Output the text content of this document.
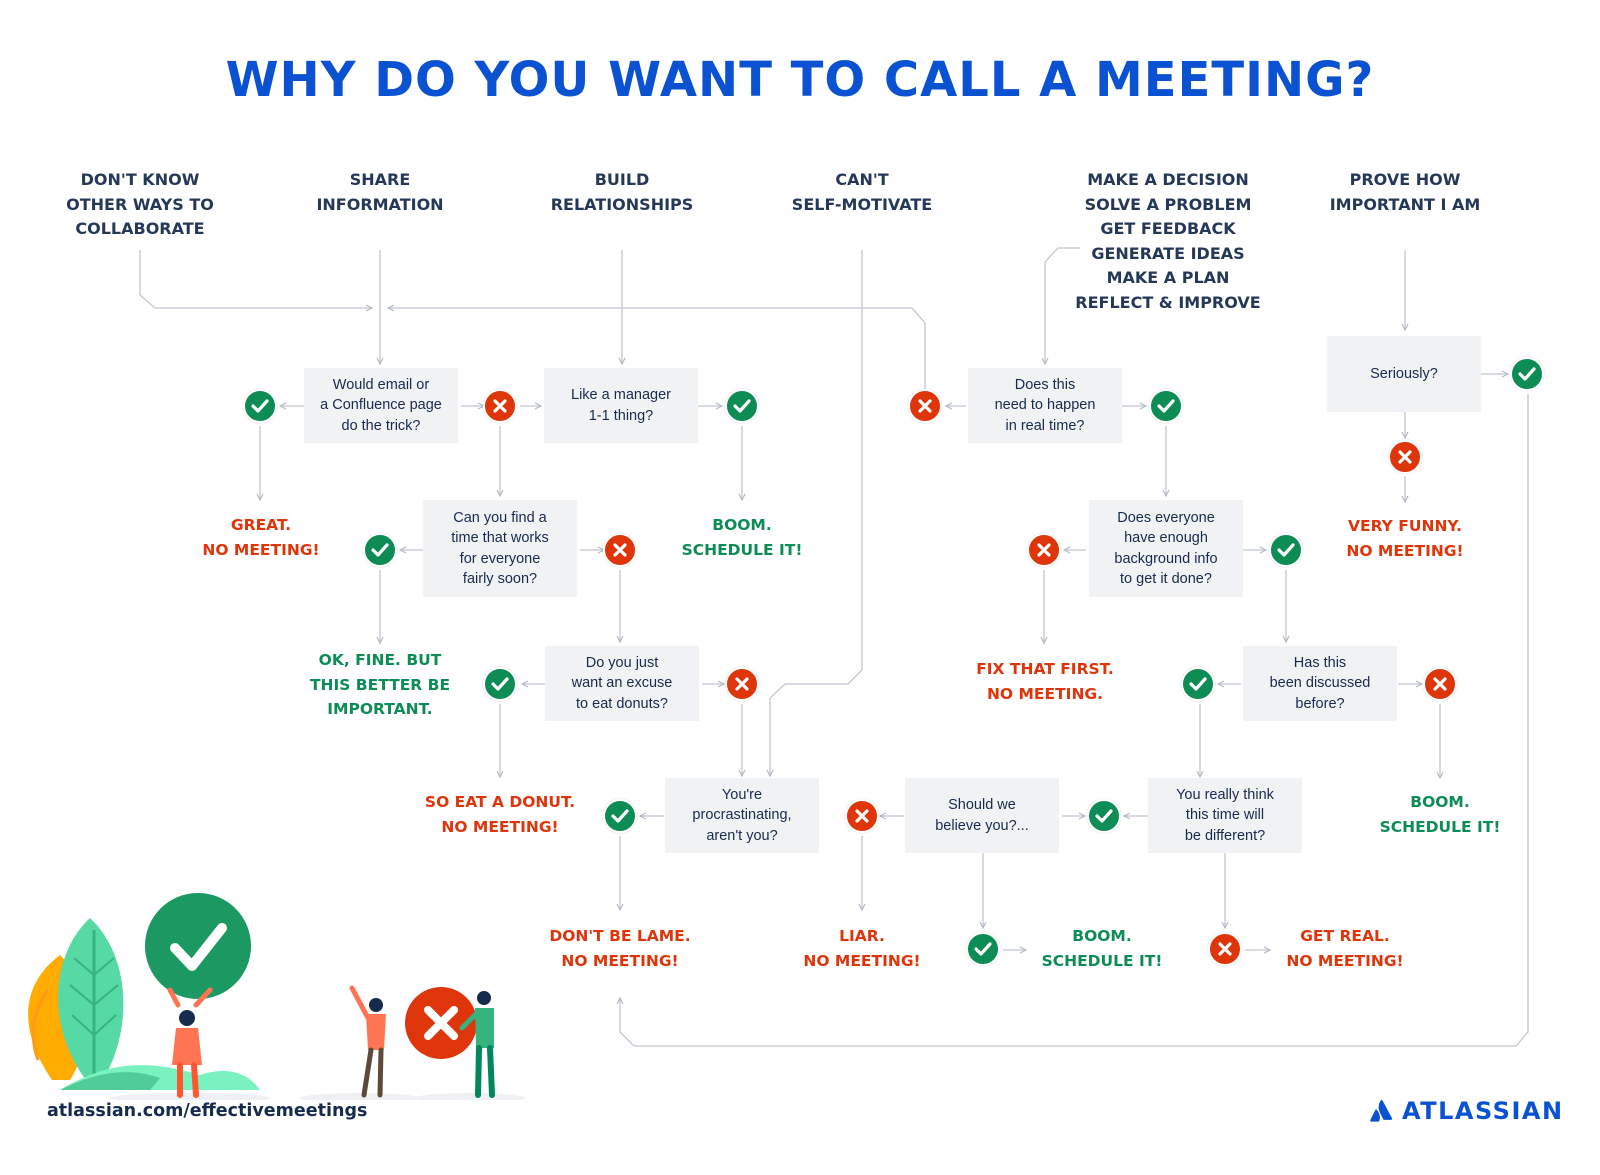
WHY DO YOU WANT TO CALL A MEETING?
DON'T KNOW
OTHER WAYS TO
COLLABORATE
SHARE
INFORMATION
BUILD
RELATIONSHIPS
CAN'T
SELF-MOTIVATE
MAKE A DECISION
SOLVE A PROBLEM
GET FEEDBACK
GENERATE IDEAS
MAKE A PLAN
REFLECT & IMPROVE
PROVE HOW
IMPORTANT I AM
Would email or
a Confluence page
do the trick?
Like a manager
1-1 thing?
Does this
need to happen
in real time?
Seriously?
Can you find a
time that works
for everyone
fairly soon?
Does everyone
have enough
background info
to get it done?
Do you just
want an excuse
to eat donuts?
Has this
been discussed
before?
You're
procrastinating,
aren't you?
Should we
believe you?...
You really think
this time will
be different?
GREAT.
NO MEETING!
BOOM.
SCHEDULE IT!
VERY FUNNY.
NO MEETING!
OK, FINE. BUT
THIS BETTER BE
IMPORTANT.
FIX THAT FIRST.
NO MEETING.
SO EAT A DONUT.
NO MEETING!
BOOM.
SCHEDULE IT!
DON'T BE LAME.
NO MEETING!
LIAR.
NO MEETING!
BOOM.
SCHEDULE IT!
GET REAL.
NO MEETING!
atlassian.com/effectivemeetings	ATLASSIAN
